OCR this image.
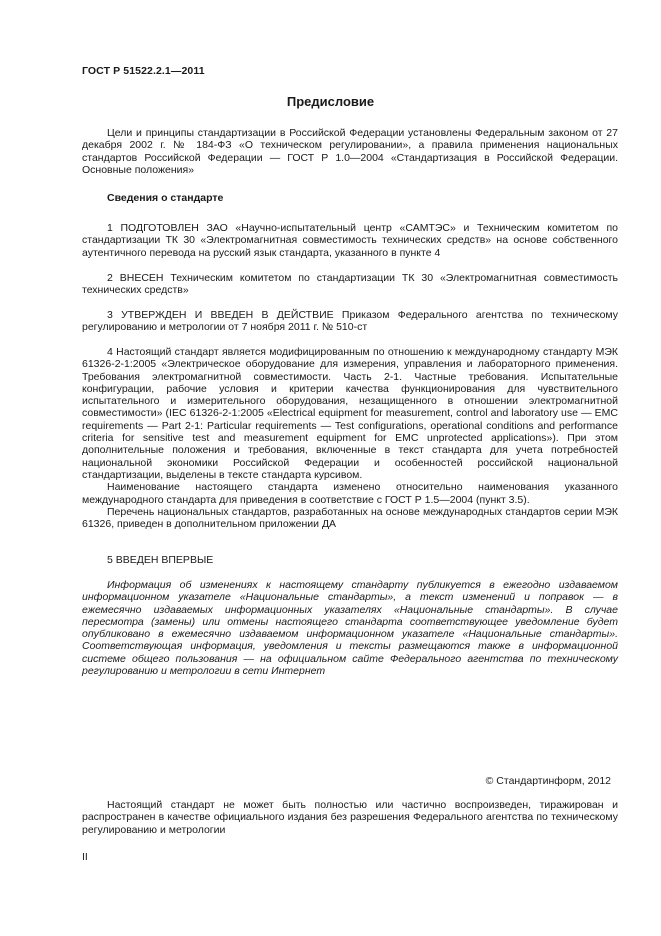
ГОСТ Р 51522.2.1—2011
Предисловие

Цели и принципы стандартизации в Российской Федерации установлены Федеральным законом от 27 декабря 2002 г. № 184-ФЗ «О техническом регулировании», а правила применения национальных стандартов Российской Федерации — ГОСТ Р 1.0—2004 «Стандартизация в Российской Федерации. Основные положения»

Сведения о стандарте

1 ПОДГОТОВЛЕН ЗАО «Научно-испытательный центр «САМТЭС» и Техническим комитетом по стандартизации ТК 30 «Электромагнитная совместимость технических средств» на основе собственного аутентичного перевода на русский язык стандарта, указанного в пункте 4

2 ВНЕСЕН Техническим комитетом по стандартизации ТК 30 «Электромагнитная совместимость технических средств»

3 УТВЕРЖДЕН И ВВЕДЕН В ДЕЙСТВИЕ Приказом Федерального агентства по техническому регулированию и метрологии от 7 ноября 2011 г. № 510-ст

4 Настоящий стандарт является модифицированным по отношению к международному стандарту МЭК 61326-2-1:2005 «Электрическое оборудование для измерения, управления и лабораторного применения. Требования электромагнитной совместимости. Часть 2-1. Частные требования. Испытательные конфигурации, рабочие условия и критерии качества функционирования для чувствительного испытательного и измерительного оборудования, незащищенного в отношении электромагнитной совместимости» (IEC 61326-2-1:2005 «Electrical equipment for measurement, control and laboratory use — EMC requirements — Part 2-1: Particular requirements — Test configurations, operational conditions and performance criteria for sensitive test and measurement equipment for EMC unprotected applications»). При этом дополнительные положения и требования, включенные в текст стандарта для учета потребностей национальной экономики Российской Федерации и особенностей российской национальной стандартизации, выделены в тексте стандарта курсивом.

Наименование настоящего стандарта изменено относительно наименования указанного международного стандарта для приведения в соответствие с ГОСТ Р 1.5—2004 (пункт 3.5).

Перечень национальных стандартов, разработанных на основе международных стандартов серии МЭК 61326, приведен в дополнительном приложении ДА

5 ВВЕДЕН ВПЕРВЫЕ

Информация об изменениях к настоящему стандарту публикуется в ежегодно издаваемом информационном указателе «Национальные стандарты», а текст изменений и поправок — в ежемесячно издаваемых информационных указателях «Национальные стандарты». В случае пересмотра (замены) или отмены настоящего стандарта соответствующее уведомление будет опубликовано в ежемесячно издаваемом информационном указателе «Национальные стандарты». Соответствующая информация, уведомления и тексты размещаются также в информационной системе общего пользования — на официальном сайте Федерального агентства по техническому регулированию и метрологии в сети Интернет

© Стандартинформ, 2012

Настоящий стандарт не может быть полностью или частично воспроизведен, тиражирован и распространен в качестве официального издания без разрешения Федерального агентства по техническому регулированию и метрологии

II
